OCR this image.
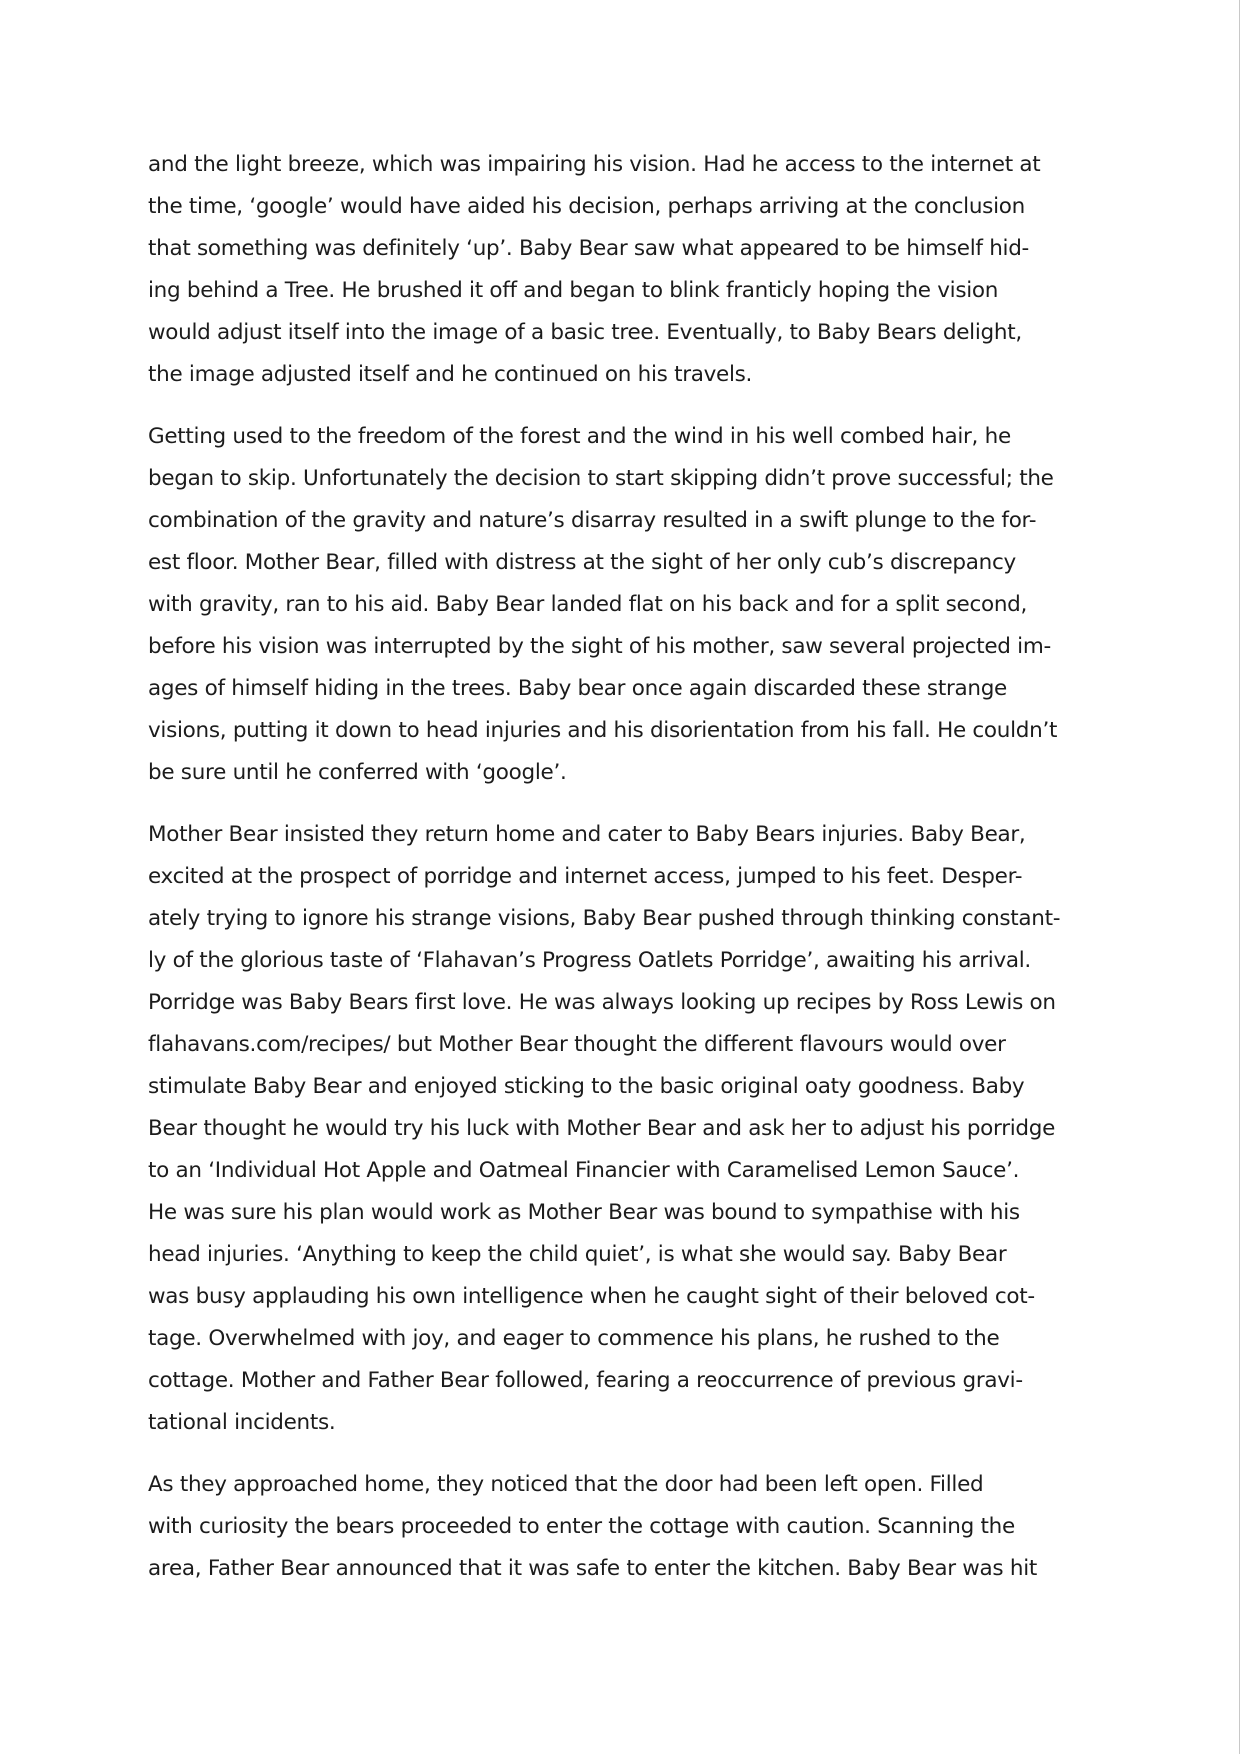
and the light breeze, which was impairing his vision. Had he access to the internet at
the time, ‘google’ would have aided his decision, perhaps arriving at the conclusion
that something was definitely ‘up’. Baby Bear saw what appeared to be himself hid-
ing behind a Tree. He brushed it off and began to blink franticly hoping the vision
would adjust itself into the image of a basic tree. Eventually, to Baby Bears delight,
the image adjusted itself and he continued on his travels.
Getting used to the freedom of the forest and the wind in his well combed hair, he
began to skip. Unfortunately the decision to start skipping didn’t prove successful; the
combination of the gravity and nature’s disarray resulted in a swift plunge to the for-
est floor. Mother Bear, filled with distress at the sight of her only cub’s discrepancy
with gravity, ran to his aid. Baby Bear landed flat on his back and for a split second,
before his vision was interrupted by the sight of his mother, saw several projected im-
ages of himself hiding in the trees. Baby bear once again discarded these strange
visions, putting it down to head injuries and his disorientation from his fall. He couldn’t
be sure until he conferred with ‘google’.
Mother Bear insisted they return home and cater to Baby Bears injuries. Baby Bear,
excited at the prospect of porridge and internet access, jumped to his feet. Desper-
ately trying to ignore his strange visions, Baby Bear pushed through thinking constant-
ly of the glorious taste of ‘Flahavan’s Progress Oatlets Porridge’, awaiting his arrival.
Porridge was Baby Bears first love. He was always looking up recipes by Ross Lewis on
flahavans.com/recipes/ but Mother Bear thought the different flavours would over
stimulate Baby Bear and enjoyed sticking to the basic original oaty goodness. Baby
Bear thought he would try his luck with Mother Bear and ask her to adjust his porridge
to an ‘Individual Hot Apple and Oatmeal Financier with Caramelised Lemon Sauce’.
He was sure his plan would work as Mother Bear was bound to sympathise with his
head injuries. ‘Anything to keep the child quiet’, is what she would say. Baby Bear
was busy applauding his own intelligence when he caught sight of their beloved cot-
tage. Overwhelmed with joy, and eager to commence his plans, he rushed to the
cottage. Mother and Father Bear followed, fearing a reoccurrence of previous gravi-
tational incidents.
As they approached home, they noticed that the door had been left open. Filled
with curiosity the bears proceeded to enter the cottage with caution. Scanning the
area, Father Bear announced that it was safe to enter the kitchen. Baby Bear was hit
